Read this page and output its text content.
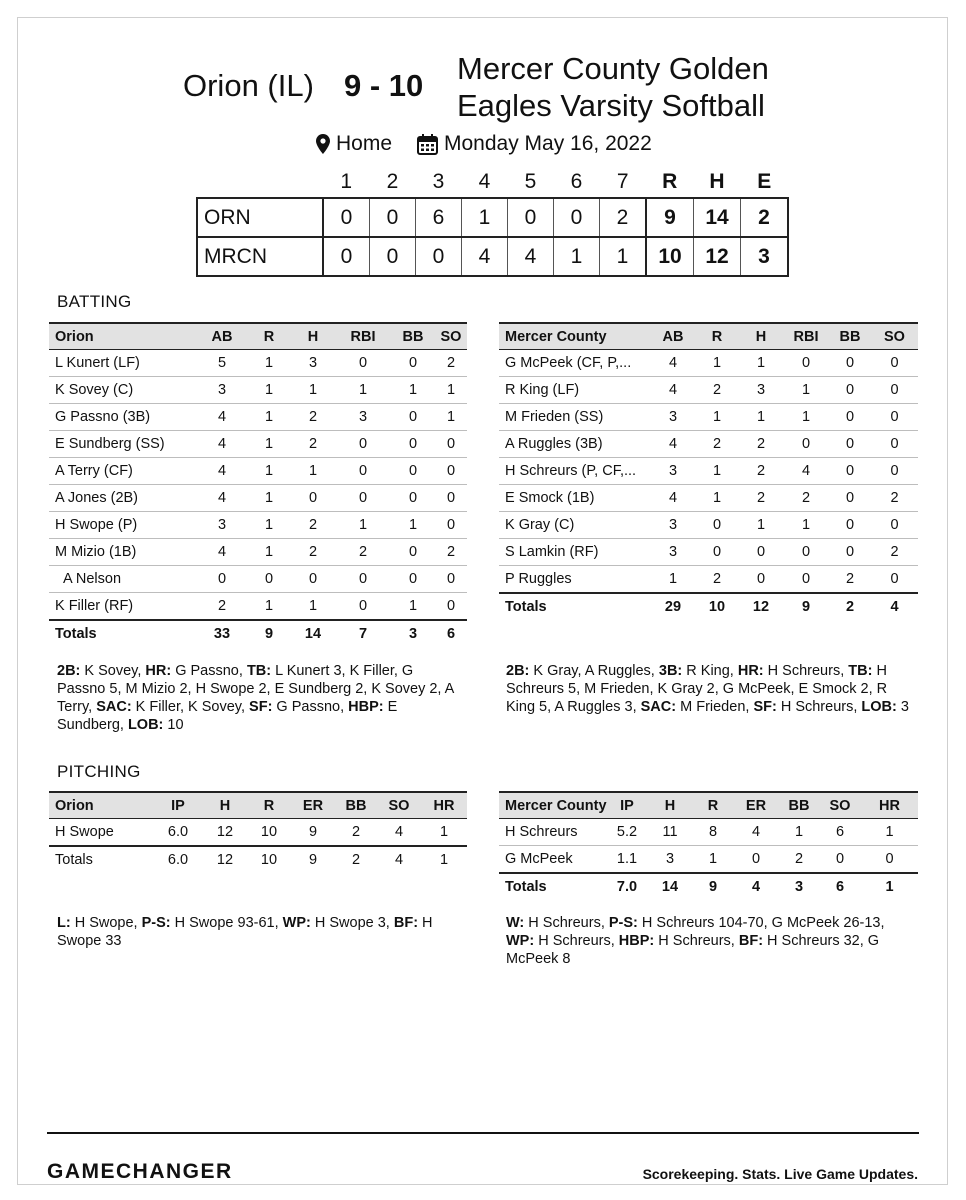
Orion (IL) 9 - 10 Mercer County Golden Eagles Varsity Softball
Home Monday May 16, 2022
	1	2	3	4	5	6	7	R	H	E
ORN	0	0	6	1	0	0	2	9	14	2
MRCN	0	0	0	4	4	1	1	10	12	3
BATTING
Orion	AB	R	H	RBI	BB	SO
L Kunert (LF)	5	1	3	0	0	2
K Sovey (C)	3	1	1	1	1	1
G Passno (3B)	4	1	2	3	0	1
E Sundberg (SS)	4	1	2	0	0	0
A Terry (CF)	4	1	1	0	0	0
A Jones (2B)	4	1	0	0	0	0
H Swope (P)	3	1	2	1	1	0
M Mizio (1B)	4	1	2	2	0	2
A Nelson	0	0	0	0	0	0
K Filler (RF)	2	1	1	0	1	0
Totals	33	9	14	7	3	6
Mercer County	AB	R	H	RBI	BB	SO
G McPeek (CF, P,...	4	1	1	0	0	0
R King (LF)	4	2	3	1	0	0
M Frieden (SS)	3	1	1	1	0	0
A Ruggles (3B)	4	2	2	0	0	0
H Schreurs (P, CF,...	3	1	2	4	0	0
E Smock (1B)	4	1	2	2	0	2
K Gray (C)	3	0	1	1	0	0
S Lamkin (RF)	3	0	0	0	0	2
P Ruggles	1	2	0	0	2	0
Totals	29	10	12	9	2	4
2B: K Sovey, HR: G Passno, TB: L Kunert 3, K Filler, G Passno 5, M Mizio 2, H Swope 2, E Sundberg 2, K Sovey 2, A Terry, SAC: K Filler, K Sovey, SF: G Passno, HBP: E Sundberg, LOB: 10
2B: K Gray, A Ruggles, 3B: R King, HR: H Schreurs, TB: H Schreurs 5, M Frieden, K Gray 2, G McPeek, E Smock 2, R King 5, A Ruggles 3, SAC: M Frieden, SF: H Schreurs, LOB: 3
PITCHING
Orion	IP	H	R	ER	BB	SO	HR
H Swope	6.0	12	10	9	2	4	1
Totals	6.0	12	10	9	2	4	1
Mercer County	IP	H	R	ER	BB	SO	HR
H Schreurs	5.2	11	8	4	1	6	1
G McPeek	1.1	3	1	0	2	0	0
Totals	7.0	14	9	4	3	6	1
L: H Swope, P-S: H Swope 93-61, WP: H Swope 3, BF: H Swope 33
W: H Schreurs, P-S: H Schreurs 104-70, G McPeek 26-13, WP: H Schreurs, HBP: H Schreurs, BF: H Schreurs 32, G McPeek 8
GAMECHANGER	Scorekeeping. Stats. Live Game Updates.
